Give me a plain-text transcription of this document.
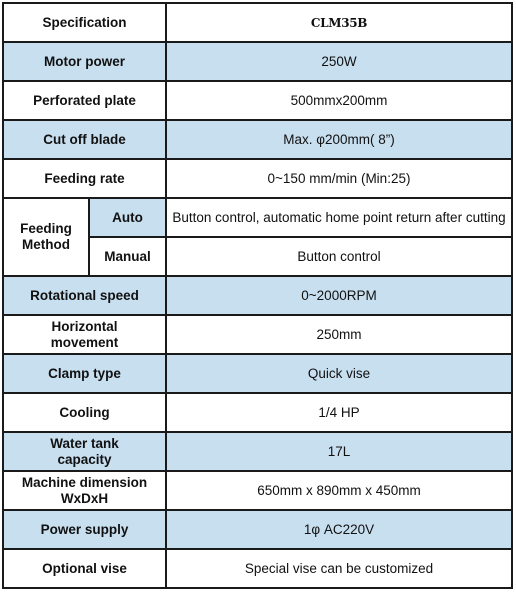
Specification		CLM35B
Motor power		250W
Perforated plate		500mmx200mm
Cut off blade		Max. φ200mm( 8”)
Feeding rate		0~150 mm/min (Min:25)
Feeding
Method	Auto	Button control, automatic home point return after cutting
	Manual	Button control
Rotational speed		0~2000RPM
Horizontal movement		250mm
Clamp type		Quick vise
Cooling		1/4 HP
Water tank capacity		17L
Machine dimension WxDxH		650mm x 890mm x 450mm
Power supply		1φ AC220V
Optional vise		Special vise can be customized
